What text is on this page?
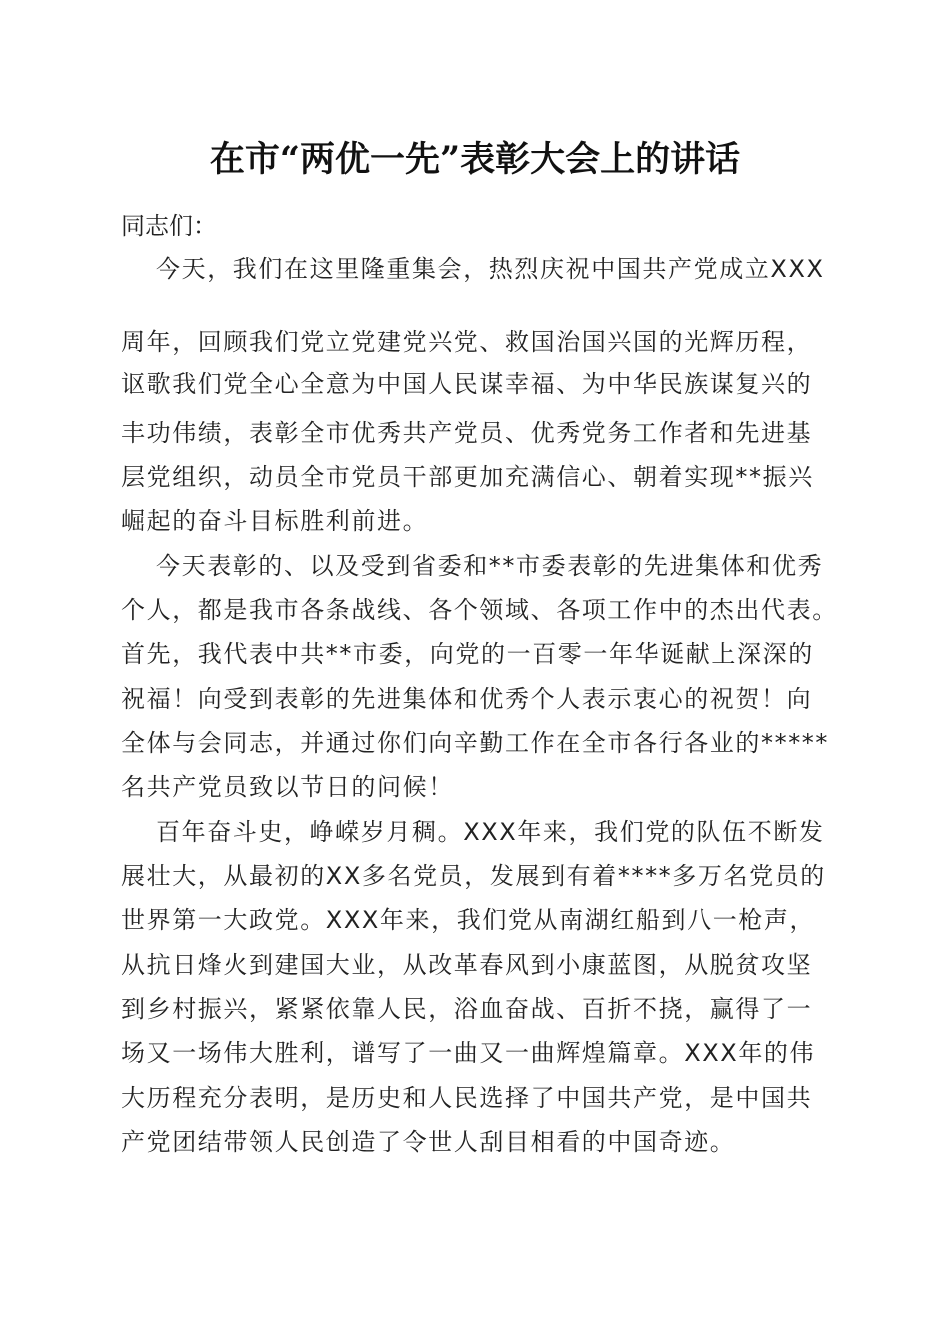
在市“两优一先”表彰大会上的讲话

同志们：

今天，我们在这里隆重集会，热烈庆祝中国共产党成立XXX

周年，回顾我们党立党建党兴党、救国治国兴国的光辉历程，

讴歌我们党全心全意为中国人民谋幸福、为中华民族谋复兴的

丰功伟绩，表彰全市优秀共产党员、优秀党务工作者和先进基

层党组织，动员全市党员干部更加充满信心、朝着实现**振兴

崛起的奋斗目标胜利前进。

今天表彰的、以及受到省委和**市委表彰的先进集体和优秀

个人，都是我市各条战线、各个领域、各项工作中的杰出代表。

首先，我代表中共**市委，向党的一百零一年华诞献上深深的

祝福！向受到表彰的先进集体和优秀个人表示衷心的祝贺！向

全体与会同志，并通过你们向辛勤工作在全市各行各业的*****

名共产党员致以节日的问候！

百年奋斗史，峥嵘岁月稠。XXX年来，我们党的队伍不断发

展壮大，从最初的XX多名党员，发展到有着****多万名党员的

世界第一大政党。XXX年来，我们党从南湖红船到八一枪声，

从抗日烽火到建国大业，从改革春风到小康蓝图，从脱贫攻坚

到乡村振兴，紧紧依靠人民，浴血奋战、百折不挠，赢得了一

场又一场伟大胜利，谱写了一曲又一曲辉煌篇章。XXX年的伟

大历程充分表明，是历史和人民选择了中国共产党，是中国共

产党团结带领人民创造了令世人刮目相看的中国奇迹。
